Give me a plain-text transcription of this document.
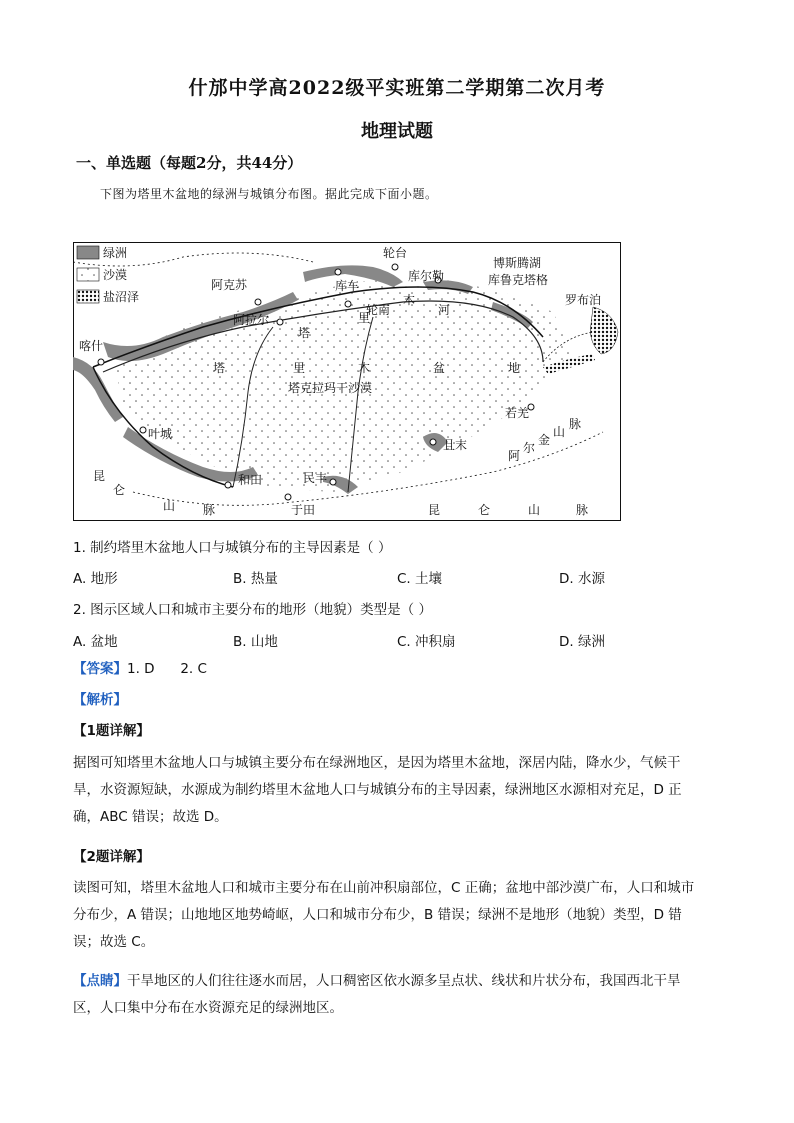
什邡中学高2022级平实班第二学期第二次月考
地理试题
一、单选题（每题2分，共44分）
下图为塔里木盆地的绿洲与城镇分布图。据此完成下面小题。
绿洲
沙漠
盐沼泽
轮台
博斯腾湖
库车
库尔勒	库鲁克塔格
阿克苏
阿拉尔
轮南
罗布泊
喀什
叶城
和田	民丰
于田
且末
若羌
塔克拉玛干沙漠
塔
里
木
河
塔	里	木	盆	地
昆	仑	山	脉
阿
尔
金
山
脉
昆
仑
山 脉
1. 制约塔里木盆地人口与城镇分布的主导因素是（ ）
A. 地形	B. 热量	C. 土壤	D. 水源
2. 图示区域人口和城市主要分布的地形（地貌）类型是（ ）
A. 盆地	B. 山地	C. 冲积扇	D. 绿洲
【答案】1. D      2. C
【解析】
【1题详解】
据图可知塔里木盆地人口与城镇主要分布在绿洲地区，是因为塔里木盆地，深居内陆，降水少，气候干
旱，水资源短缺，水源成为制约塔里木盆地人口与城镇分布的主导因素，绿洲地区水源相对充足，D 正
确，ABC 错误；故选 D。
【2题详解】
读图可知，塔里木盆地人口和城市主要分布在山前冲积扇部位，C 正确；盆地中部沙漠广布，人口和城市
分布少，A 错误；山地地区地势崎岖，人口和城市分布少，B 错误；绿洲不是地形（地貌）类型，D 错
误；故选 C。
【点睛】干旱地区的人们往往逐水而居，人口稠密区依水源多呈点状、线状和片状分布，我国西北干旱
区，人口集中分布在水资源充足的绿洲地区。
